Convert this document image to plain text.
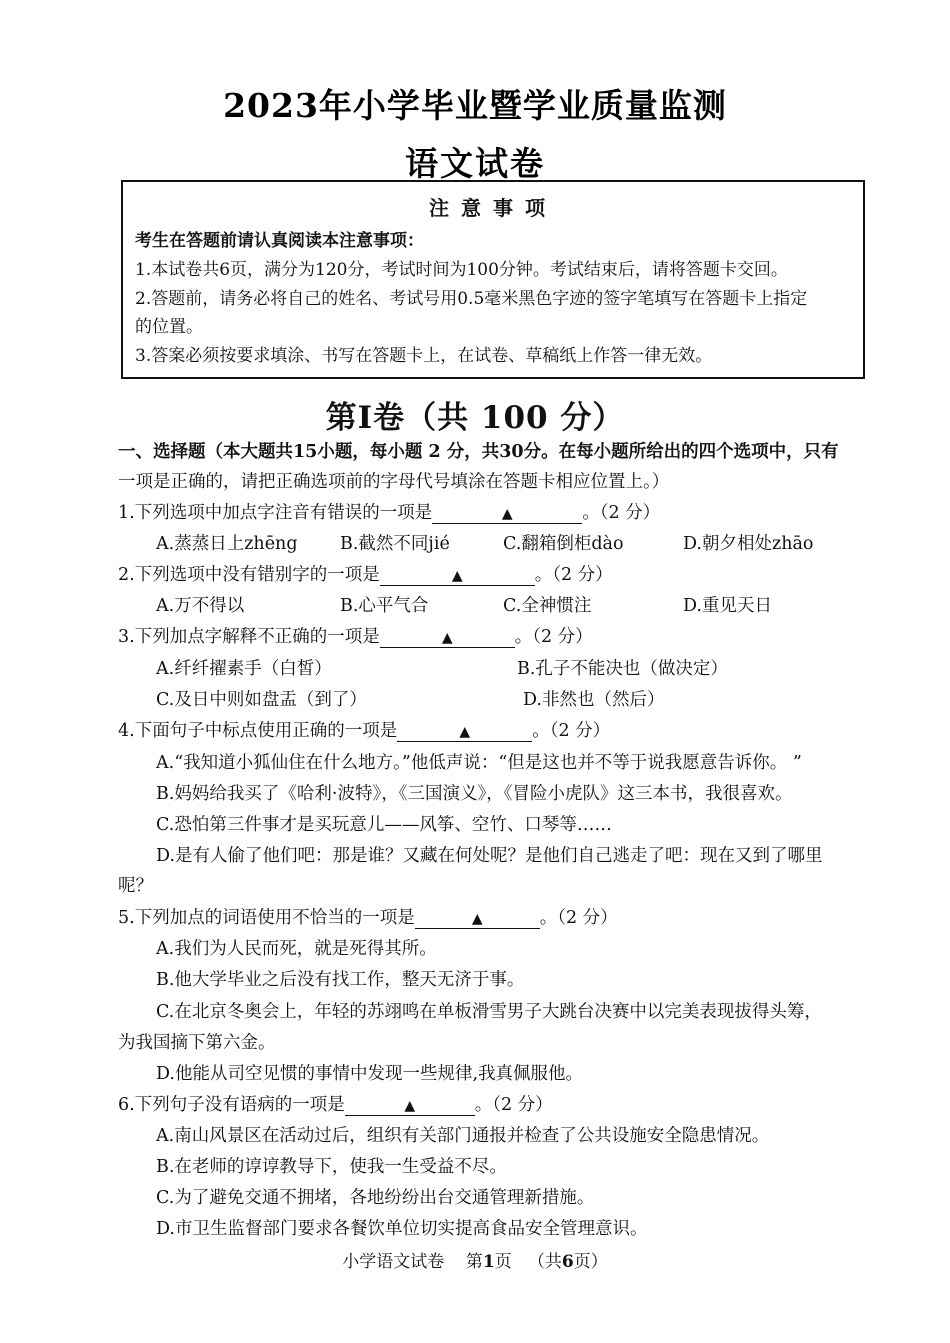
2023年小学毕业暨学业质量监测
语文试卷
注意事项
考生在答题前请认真阅读本注意事项：
1.本试卷共6页，满分为120分，考试时间为100分钟。考试结束后，请将答题卡交回。
2.答题前，请务必将自己的姓名、考试号用0.5毫米黑色字迹的签字笔填写在答题卡上指定
的位置。
3.答案必须按要求填涂、书写在答题卡上，在试卷、草稿纸上作答一律无效。
第Ⅰ卷（共 100 分）
一、选择题（本大题共15小题，每小题 2 分，共30分。在每小题所给出的四个选项中，只有
一项是正确的，请把正确选项前的字母代号填涂在答题卡相应位置上。）
1.下列选项中加点字注音有错误的一项是	▲	。（2 分）
A.蒸蒸日上zhēng B.截然不同jié	C.翻箱倒柜dào	D.朝夕相处zhāo
2.下列选项中没有错别字的一项是	▲	。（2 分）
A.万不得以	B.心平气合	C.全神惯注	D.重见天日
3.下列加点字解释不正确的一项是	▲	。（2 分）
A.纤纤擢素手（白皙）	B.孔子不能决也（做决定）
C.及日中则如盘盂（到了）	D.非然也（然后）
4.下面句子中标点使用正确的一项是	▲	。（2 分）
A.“我知道小狐仙住在什么地方。”他低声说：“但是这也并不等于说我愿意告诉你。 ”
B.妈妈给我买了《哈利·波特》，《三国演义》，《冒险小虎队》这三本书，我很喜欢。
C.恐怕第三件事才是买玩意儿——风筝、空竹、口琴等……
D.是有人偷了他们吧：那是谁？又藏在何处呢？是他们自己逃走了吧：现在又到了哪里
呢？
5.下列加点的词语使用不恰当的一项是	▲	。（2 分）
A.我们为人民而死，就是死得其所。
B.他大学毕业之后没有找工作，整天无济于事。
C.在北京冬奥会上，年轻的苏翊鸣在单板滑雪男子大跳台决赛中以完美表现拔得头筹，
为我国摘下第六金。
D.他能从司空见惯的事情中发现一些规律,我真佩服他。
6.下列句子没有语病的一项是	▲	。（2 分）
A.南山风景区在活动过后，组织有关部门通报并检查了公共设施安全隐患情况。
B.在老师的谆谆教导下，使我一生受益不尽。
C.为了避免交通不拥堵，各地纷纷出台交通管理新措施。
D.市卫生监督部门要求各餐饮单位切实提高食品安全管理意识。
小学语文试卷 第1页 （共6页）
